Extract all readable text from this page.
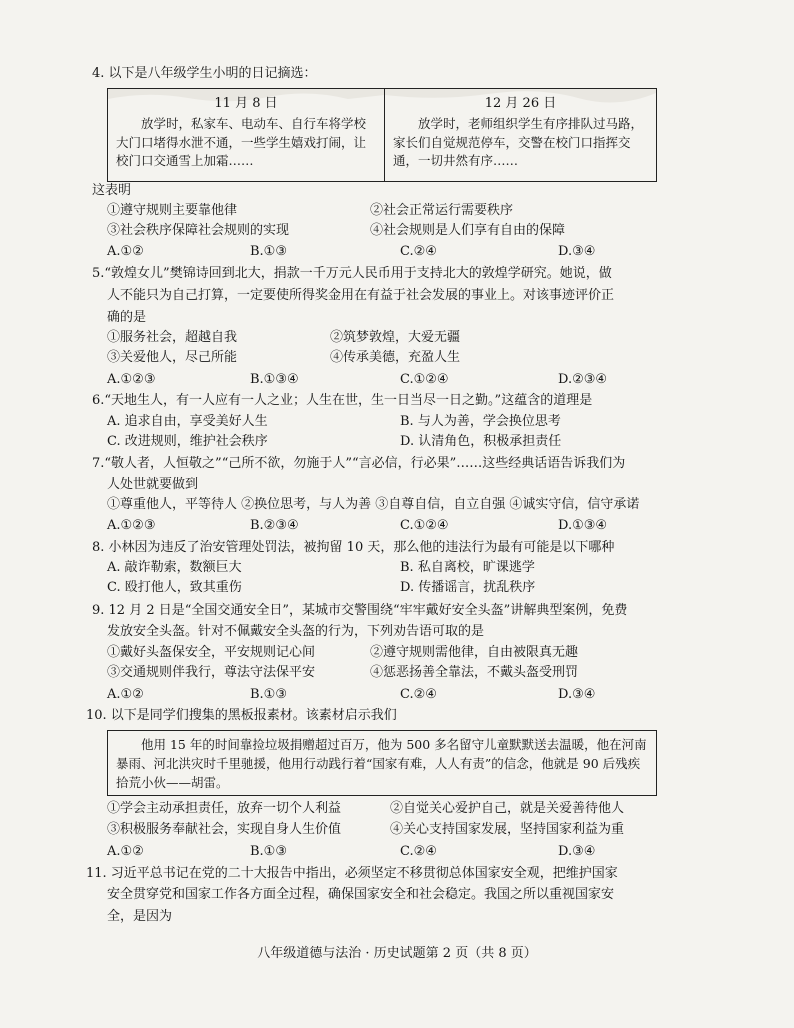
4. 以下是八年级学生小明的日记摘选：
11 月 8 日
放学时，私家车、电动车、自行车将学校大门口堵得水泄不通，一些学生嬉戏打闹，让校门口交通雪上加霜……
12 月 26 日
放学时，老师组织学生有序排队过马路，家长们自觉规范停车，交警在校门口指挥交通，一切井然有序……
这表明
①遵守规则主要靠他律	②社会正常运行需要秩序
③社会秩序保障社会规则的实现	④社会规则是人们享有自由的保障
A.①②	B.①③	C.②④	D.③④
5.“敦煌女儿”樊锦诗回到北大，捐款一千万元人民币用于支持北大的敦煌学研究。她说，做
人不能只为自己打算，一定要使所得奖金用在有益于社会发展的事业上。对该事迹评价正
确的是
①服务社会，超越自我	②筑梦敦煌，大爱无疆
③关爱他人，尽己所能	④传承美德，充盈人生
A.①②③	B.①③④	C.①②④	D.②③④
6.“天地生人，有一人应有一人之业；人生在世，生一日当尽一日之勤。”这蕴含的道理是
A. 追求自由，享受美好人生	B. 与人为善，学会换位思考
C. 改进规则，维护社会秩序	D. 认清角色，积极承担责任
7.“敬人者，人恒敬之”“己所不欲，勿施于人”“言必信，行必果”……这些经典话语告诉我们为
人处世就要做到
①尊重他人，平等待人 ②换位思考，与人为善 ③自尊自信，自立自强 ④诚实守信，信守承诺
A.①②③	B.②③④	C.①②④	D.①③④
8. 小林因为违反了治安管理处罚法，被拘留 10 天，那么他的违法行为最有可能是以下哪种
A. 敲诈勒索，数额巨大	B. 私自离校，旷课逃学
C. 殴打他人，致其重伤	D. 传播谣言，扰乱秩序
9. 12 月 2 日是“全国交通安全日”，某城市交警围绕“牢牢戴好安全头盔”讲解典型案例，免费
发放安全头盔。针对不佩戴安全头盔的行为，下列劝告语可取的是
①戴好头盔保安全，平安规则记心间	②遵守规则需他律，自由被限真无趣
③交通规则伴我行，尊法守法保平安	④惩恶扬善全靠法，不戴头盔受刑罚
A.①②	B.①③	C.②④	D.③④
10. 以下是同学们搜集的黑板报素材。该素材启示我们
他用 15 年的时间靠捡垃圾捐赠超过百万，他为 500 多名留守儿童默默送去温暖，他在河南暴雨、河北洪灾时千里驰援，他用行动践行着“国家有难，人人有责”的信念，他就是 90 后残疾拾荒小伙——胡雷。
①学会主动承担责任，放弃一切个人利益	②自觉关心爱护自己，就是关爱善待他人
③积极服务奉献社会，实现自身人生价值	④关心支持国家发展，坚持国家利益为重
A.①②	B.①③	C.②④	D.③④
11. 习近平总书记在党的二十大报告中指出，必须坚定不移贯彻总体国家安全观，把维护国家
安全贯穿党和国家工作各方面全过程，确保国家安全和社会稳定。我国之所以重视国家安
全，是因为
八年级道德与法治 · 历史试题第 2 页（共 8 页）
